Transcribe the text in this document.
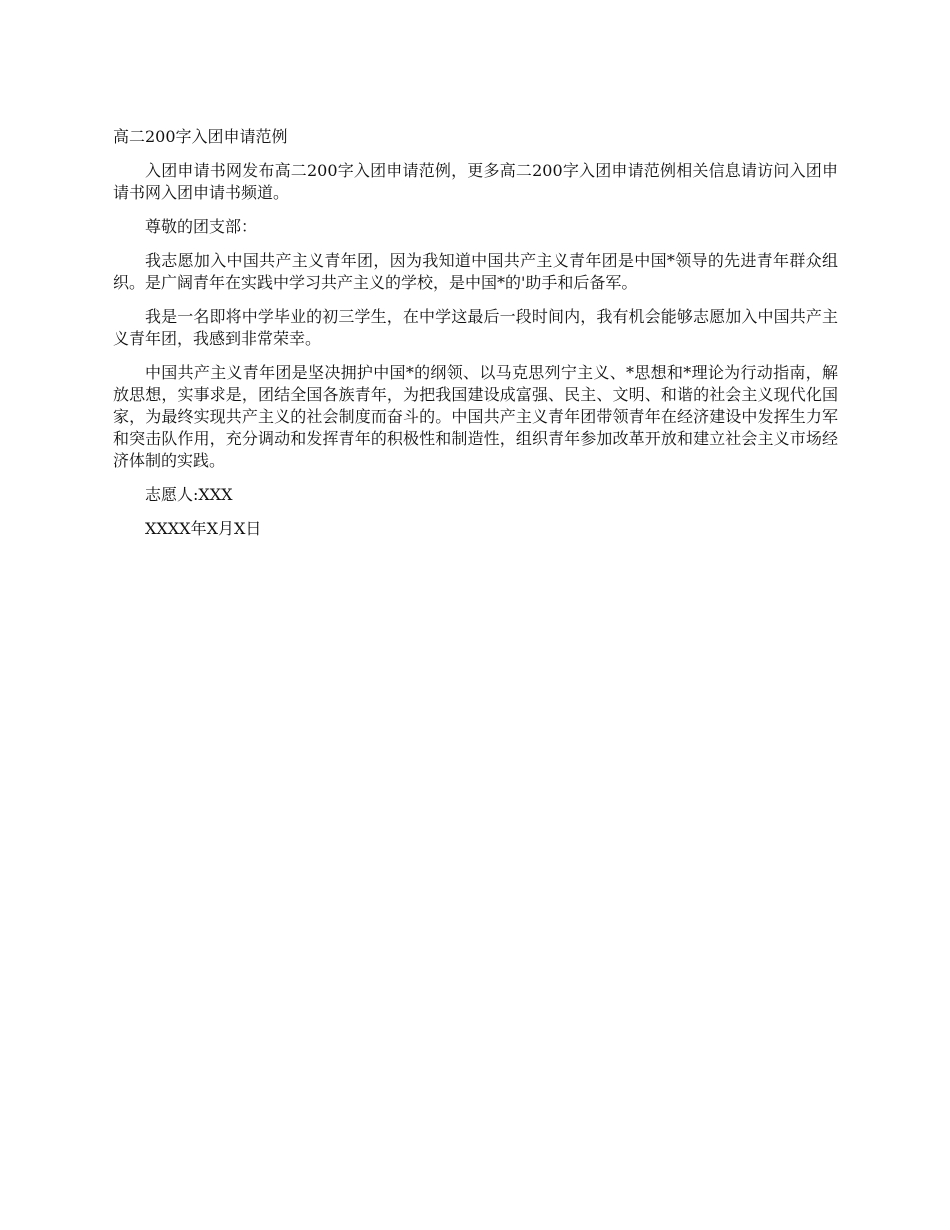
高二200字入团申请范例

入团申请书网发布高二200字入团申请范例，更多高二200字入团申请范例相关信息请访问入团申请书网入团申请书频道。

尊敬的团支部：

我志愿加入中国共产主义青年团，因为我知道中国共产主义青年团是中国*领导的先进青年群众组织。是广阔青年在实践中学习共产主义的学校，是中国*的'助手和后备军。

我是一名即将中学毕业的初三学生，在中学这最后一段时间内，我有机会能够志愿加入中国共产主义青年团，我感到非常荣幸。

中国共产主义青年团是坚决拥护中国*的纲领、以马克思列宁主义、*思想和*理论为行动指南，解放思想，实事求是，团结全国各族青年，为把我国建设成富强、民主、文明、和谐的社会主义现代化国家，为最终实现共产主义的社会制度而奋斗的。中国共产主义青年团带领青年在经济建设中发挥生力军和突击队作用，充分调动和发挥青年的积极性和制造性，组织青年参加改革开放和建立社会主义市场经济体制的实践。

志愿人:XXX

XXXX年X月X日
